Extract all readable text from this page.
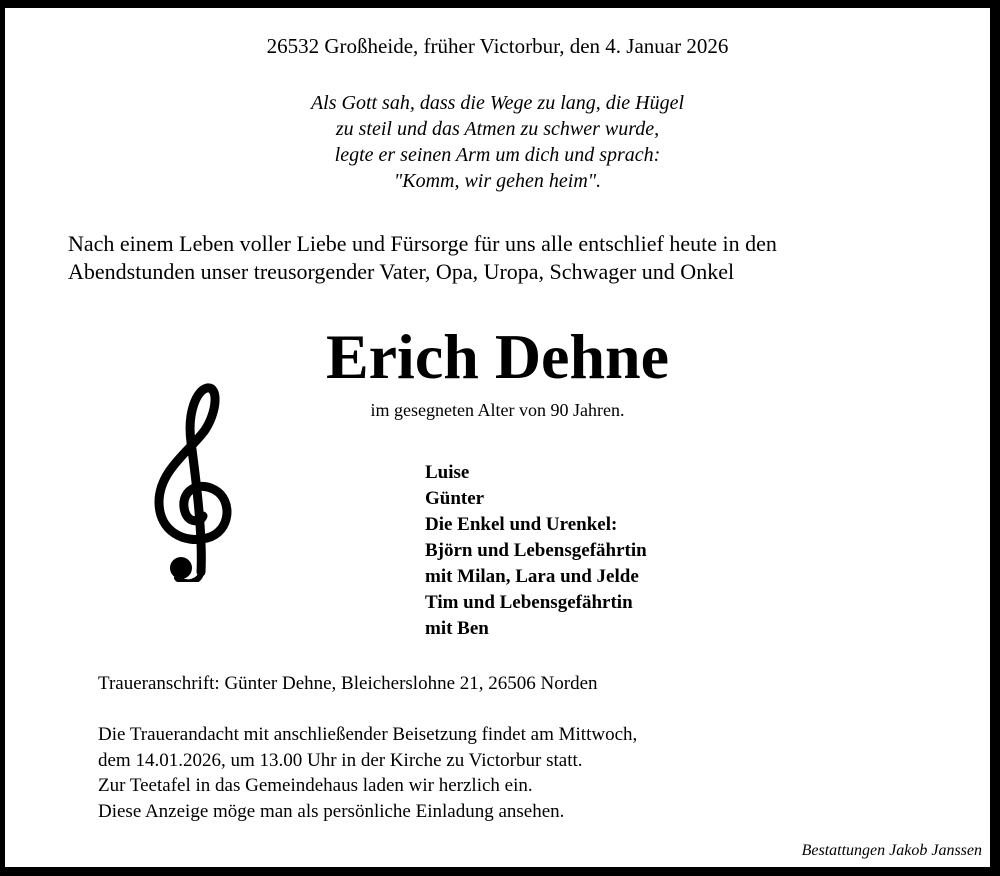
26532 Großheide, früher Victorbur, den 4. Januar 2026

Als Gott sah, dass die Wege zu lang, die Hügel
zu steil und das Atmen zu schwer wurde,
legte er seinen Arm um dich und sprach:
"Komm, wir gehen heim".
Nach einem Leben voller Liebe und Fürsorge für uns alle entschlief heute in den
Abendstunden unser treusorgender Vater, Opa, Uropa, Schwager und Onkel

Erich Dehne

im gesegneten Alter von 90 Jahren.

Luise
Günter
Die Enkel und Urenkel:
Björn und Lebensgefährtin
mit Milan, Lara und Jelde
Tim und Lebensgefährtin
mit Ben

Traueranschrift: Günter Dehne, Bleicherslohne 21, 26506 Norden

Die Trauerandacht mit anschließender Beisetzung findet am Mittwoch,
dem 14.01.2026, um 13.00 Uhr in der Kirche zu Victorbur statt.
Zur Teetafel in das Gemeindehaus laden wir herzlich ein.
Diese Anzeige möge man als persönliche Einladung ansehen.

Bestattungen Jakob Janssen
